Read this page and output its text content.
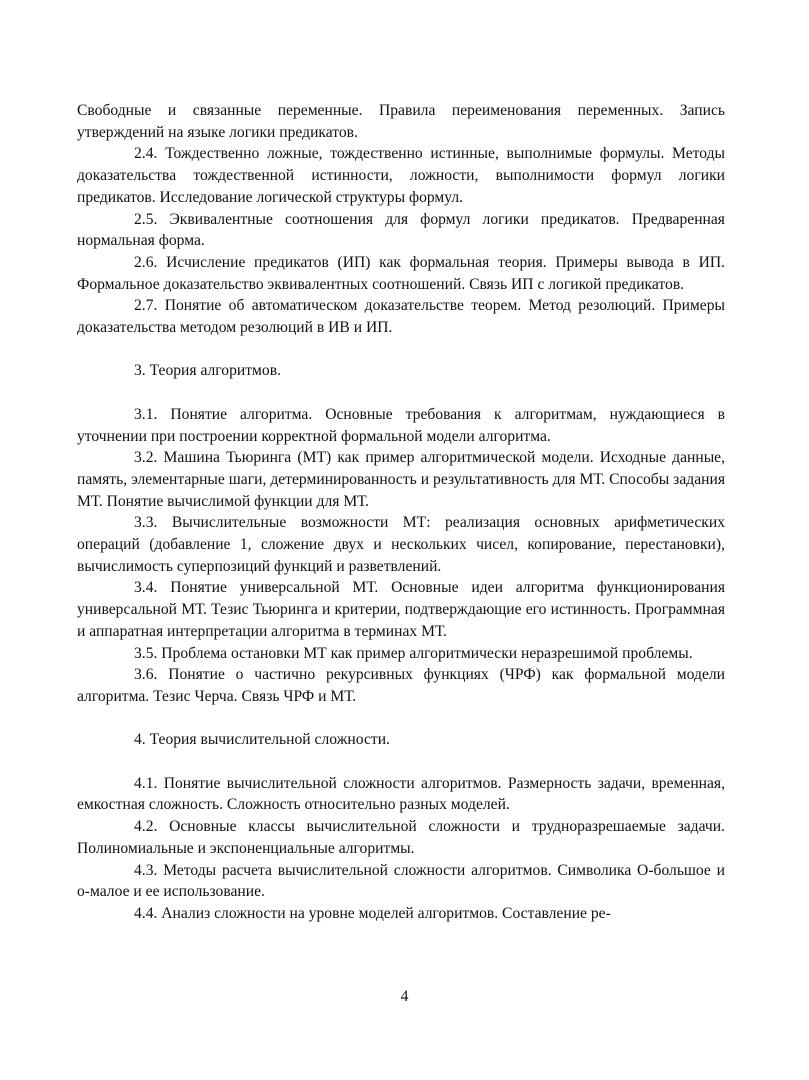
Свободные и связанные переменные. Правила переименования переменных. Запись утверждений на языке логики предикатов.

2.4. Тождественно ложные, тождественно истинные, выполнимые формулы. Методы доказательства тождественной истинности, ложности, выполнимости формул логики предикатов. Исследование логической структуры формул.

2.5. Эквивалентные соотношения для формул логики предикатов. Предваренная нормальная форма.

2.6. Исчисление предикатов (ИП) как формальная теория. Примеры вывода в ИП. Формальное доказательство эквивалентных соотношений. Связь ИП с логикой предикатов.

2.7. Понятие об автоматическом доказательстве теорем. Метод резолюций. Примеры доказательства методом резолюций в ИВ и ИП.

3. Теория алгоритмов.

3.1. Понятие алгоритма. Основные требования к алгоритмам, нуждающиеся в уточнении при построении корректной формальной модели алгоритма.

3.2. Машина Тьюринга (МТ) как пример алгоритмической модели. Исходные данные, память, элементарные шаги, детерминированность и результативность для МТ. Способы задания МТ. Понятие вычислимой функции для МТ.

3.3. Вычислительные возможности МТ: реализация основных арифметических операций (добавление 1, сложение двух и нескольких чисел, копирование, перестановки), вычислимость суперпозиций функций и разветвлений.

3.4. Понятие универсальной МТ. Основные идеи алгоритма функционирования универсальной МТ. Тезис Тьюринга и критерии, подтверждающие его истинность. Программная и аппаратная интерпретации алгоритма в терминах МТ.

3.5. Проблема остановки МТ как пример алгоритмически неразрешимой проблемы.

3.6. Понятие о частично рекурсивных функциях (ЧРФ) как формальной модели алгоритма. Тезис Черча. Связь ЧРФ и МТ.

4. Теория вычислительной сложности.

4.1. Понятие вычислительной сложности алгоритмов. Размерность задачи, временная, емкостная сложность. Сложность относительно разных моделей.

4.2. Основные классы вычислительной сложности и трудноразрешаемые задачи. Полиномиальные и экспоненциальные алгоритмы.

4.3. Методы расчета вычислительной сложности алгоритмов. Символика О-большое и о-малое и ее использование.

4.4. Анализ сложности на уровне моделей алгоритмов. Составление ре-

4
